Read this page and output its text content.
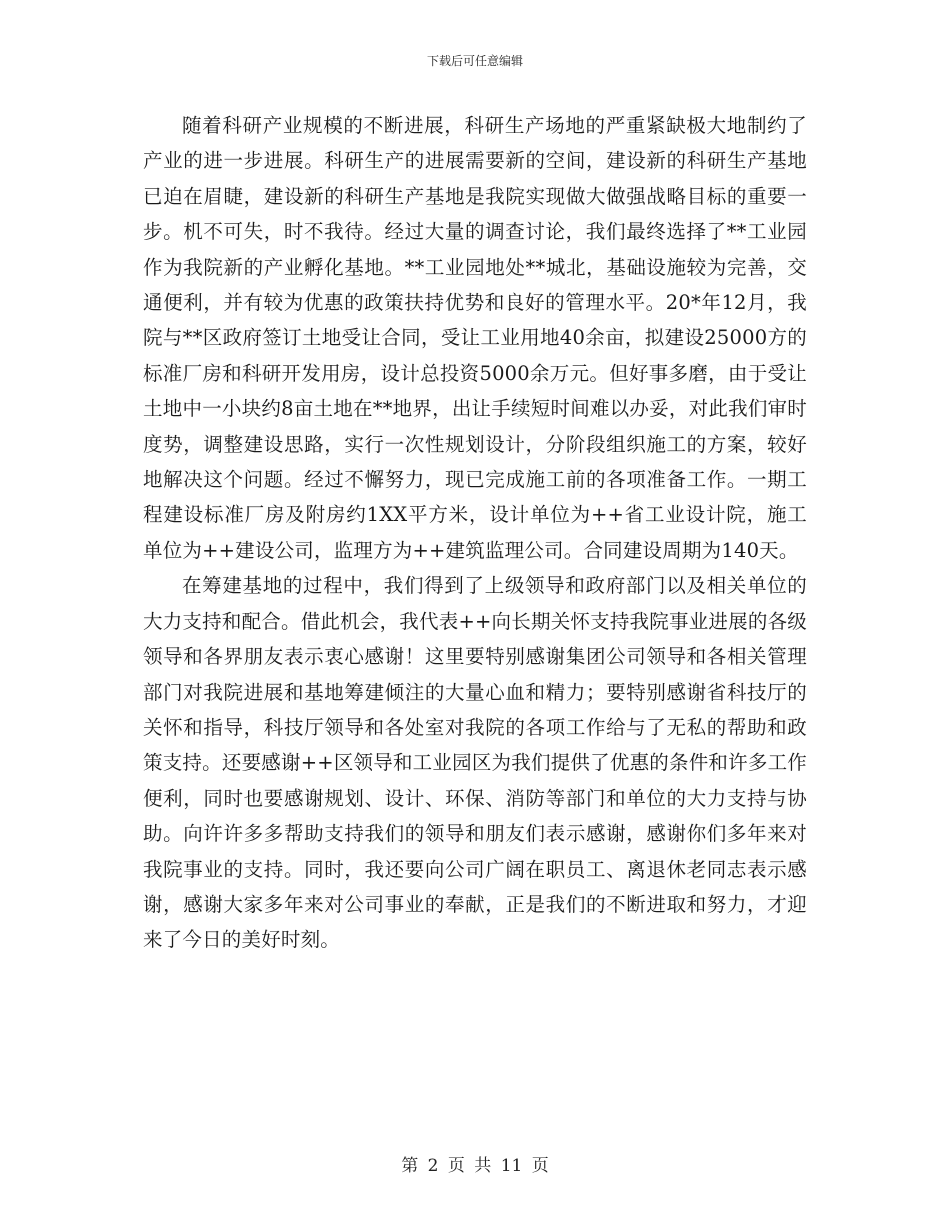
下载后可任意编辑

随着科研产业规模的不断进展，科研生产场地的严重紧缺极大地制约了产业的进一步进展。科研生产的进展需要新的空间，建设新的科研生产基地已迫在眉睫，建设新的科研生产基地是我院实现做大做强战略目标的重要一步。机不可失，时不我待。经过大量的调查讨论，我们最终选择了**工业园作为我院新的产业孵化基地。**工业园地处**城北，基础设施较为完善，交通便利，并有较为优惠的政策扶持优势和良好的管理水平。20*年12月，我院与**区政府签订土地受让合同，受让工业用地40余亩，拟建设25000方的标准厂房和科研开发用房，设计总投资5000余万元。但好事多磨，由于受让土地中一小块约8亩土地在**地界，出让手续短时间难以办妥，对此我们审时度势，调整建设思路，实行一次性规划设计，分阶段组织施工的方案，较好地解决这个问题。经过不懈努力，现已完成施工前的各项准备工作。一期工程建设标准厂房及附房约1XX平方米，设计单位为++省工业设计院，施工单位为++建设公司，监理方为++建筑监理公司。合同建设周期为140天。

在筹建基地的过程中，我们得到了上级领导和政府部门以及相关单位的大力支持和配合。借此机会，我代表++向长期关怀支持我院事业进展的各级领导和各界朋友表示衷心感谢！这里要特别感谢集团公司领导和各相关管理部门对我院进展和基地筹建倾注的大量心血和精力；要特别感谢省科技厅的关怀和指导，科技厅领导和各处室对我院的各项工作给与了无私的帮助和政策支持。还要感谢++区领导和工业园区为我们提供了优惠的条件和许多工作便利，同时也要感谢规划、设计、环保、消防等部门和单位的大力支持与协助。向许许多多帮助支持我们的领导和朋友们表示感谢，感谢你们多年来对我院事业的支持。同时，我还要向公司广阔在职员工、离退休老同志表示感谢，感谢大家多年来对公司事业的奉献，正是我们的不断进取和努力，才迎来了今日的美好时刻。

第 2 页 共 11 页
